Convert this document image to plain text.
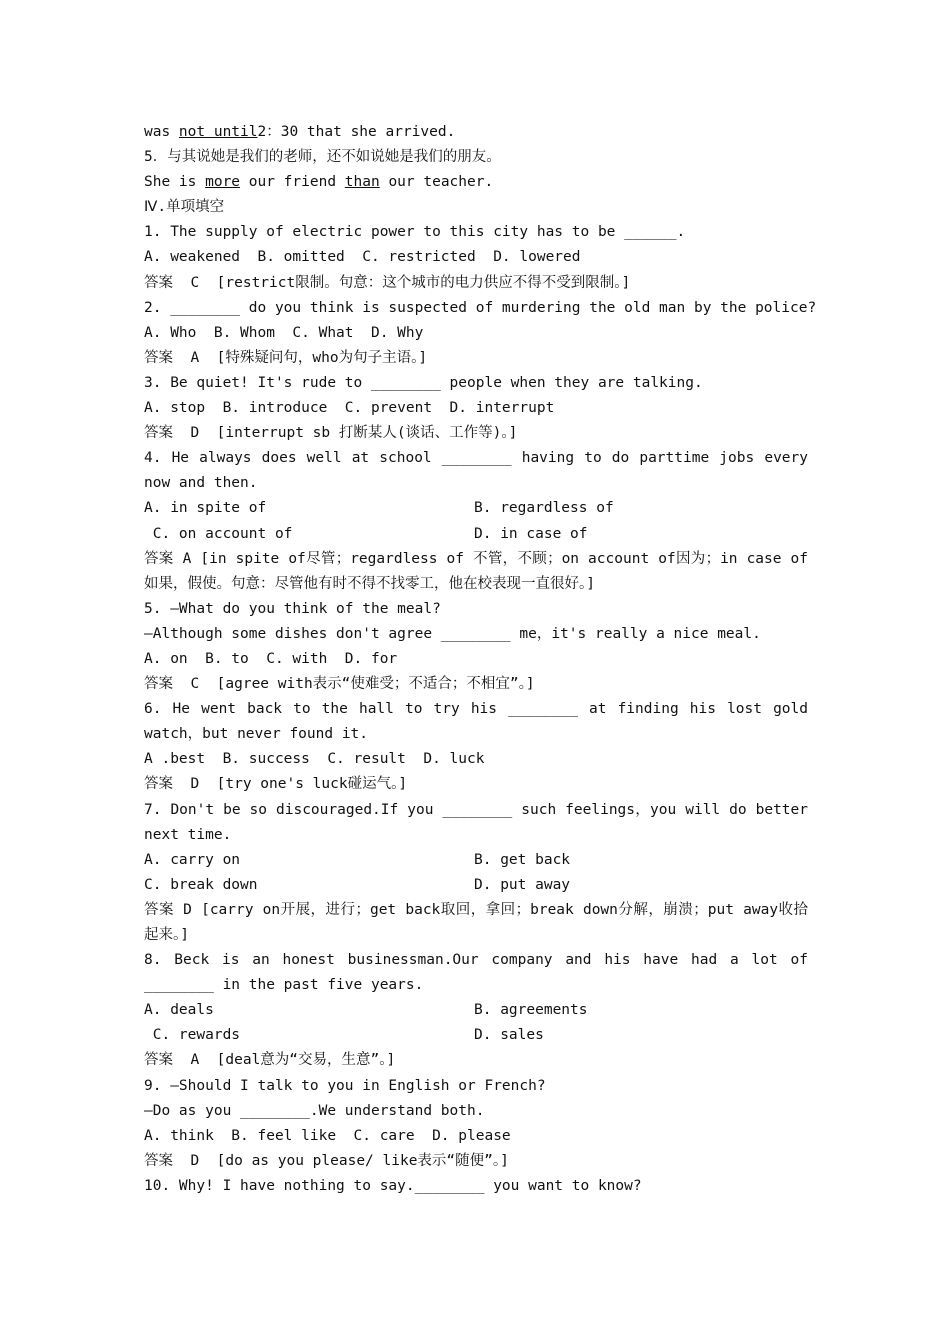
was not until2：30 that she arrived.
5．与其说她是我们的老师，还不如说她是我们的朋友。
She is more our friend than our teacher.
Ⅳ.单项填空
1. The supply of electric power to this city has to be ______.
A. weakened  B. omitted  C. restricted  D. lowered
答案  C  [restrict限制。句意：这个城市的电力供应不得不受到限制。]
2. ________ do you think is suspected of murdering the old man by the police?
A. Who  B. Whom  C. What  D. Why
答案  A  [特殊疑问句，who为句子主语。]
3. Be quiet! It's rude to ________ people when they are talking.
A. stop  B. introduce  C. prevent  D. interrupt
答案  D  [interrupt sb 打断某人(谈话、工作等)。]
4. He always does well at school ________ having to do parttime jobs every now and then.
A. in spite of	B. regardless of
C. on account of	D. in case of
答案 A [in spite of尽管；regardless of 不管，不顾；on account of因为；in case of如果，假使。句意：尽管他有时不得不找零工，他在校表现一直很好。]
5. —What do you think of the meal?
—Although some dishes don't agree ________ me，it's really a nice meal.
A. on  B. to  C. with  D. for
答案  C  [agree with表示“使难受；不适合；不相宜”。]
6. He went back to the hall to try his ________ at finding his lost gold watch，but never found it.
A .best  B. success  C. result  D. luck
答案  D  [try one's luck碰运气。]
7. Don't be so discouraged.If you ________ such feelings，you will do better next time.
A. carry on	B. get back
C. break down	D. put away
答案 D [carry on开展，进行；get back取回，拿回；break down分解，崩溃；put away收拾起来。]
8. Beck is an honest businessman.Our company and his have had a lot of ________ in the past five years.
A. deals	B. agreements
C. rewards	D. sales
答案  A  [deal意为“交易，生意”。]
9. —Should I talk to you in English or French?
—Do as you ________.We understand both.
A. think  B. feel like  C. care  D. please
答案  D  [do as you please/ like表示“随便”。]
10. Why! I have nothing to say.________ you want to know?
